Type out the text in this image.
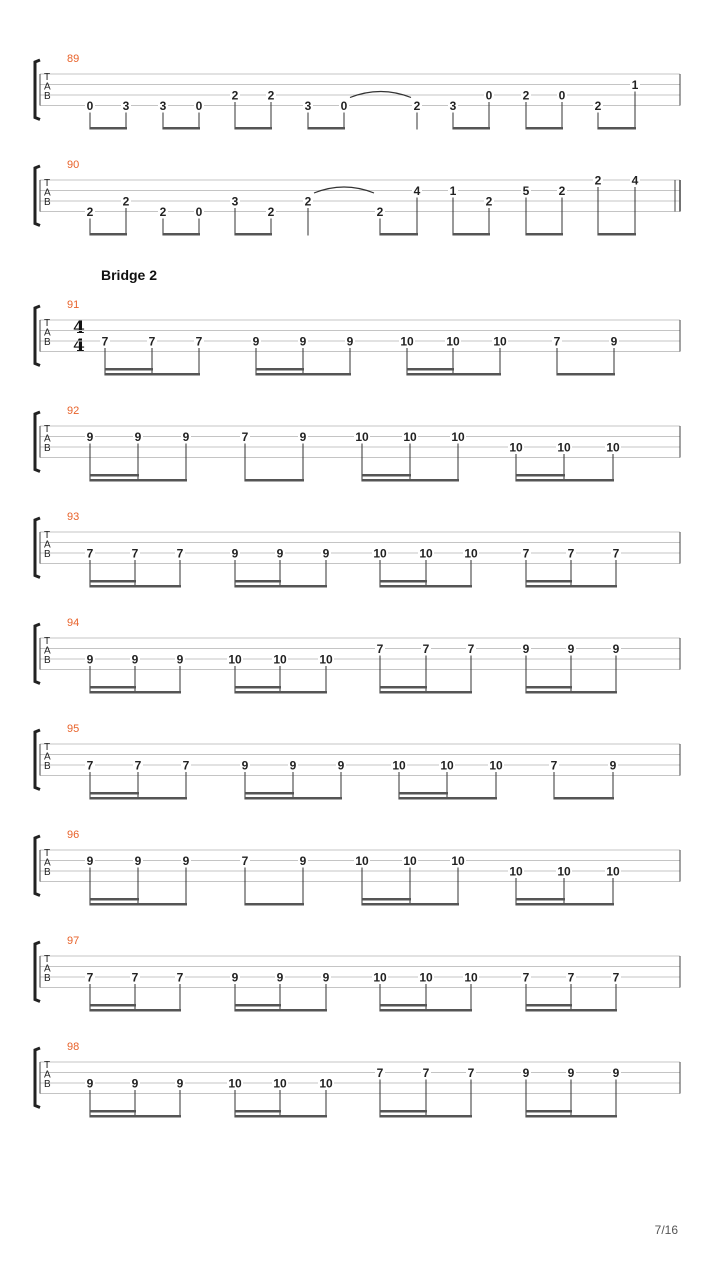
Bridge 2
4
4
7/16
T
A
B
89
0 3	3 0
2 2
3 0	2 3
0	2 0
2
1
T
A
B
90
2
2
2 0
3
2
2
2
4 1
2
5 2
2	4
T
A
B
91
7	7	7	9	9	9	10	10	10	7	9
T
A
B
92
9	9	9	7	9	10	10	10
10	10	10
T
A
B
93
7	7	7	9	9	9	10	10	10	7	7	7
T
A
B
94
9	9	9	10	10	10
7	7	7	9	9	9
T
A
B
95
7	7	7	9	9	9	10	10	10	7	9
T
A
B
96
9	9	9	7	9	10	10	10
10	10	10
T
A
B
97
7	7	7	9	9	9	10	10	10	7	7	7
T
A
B
98
9	9	9	10	10	10
7	7	7	9	9	9
